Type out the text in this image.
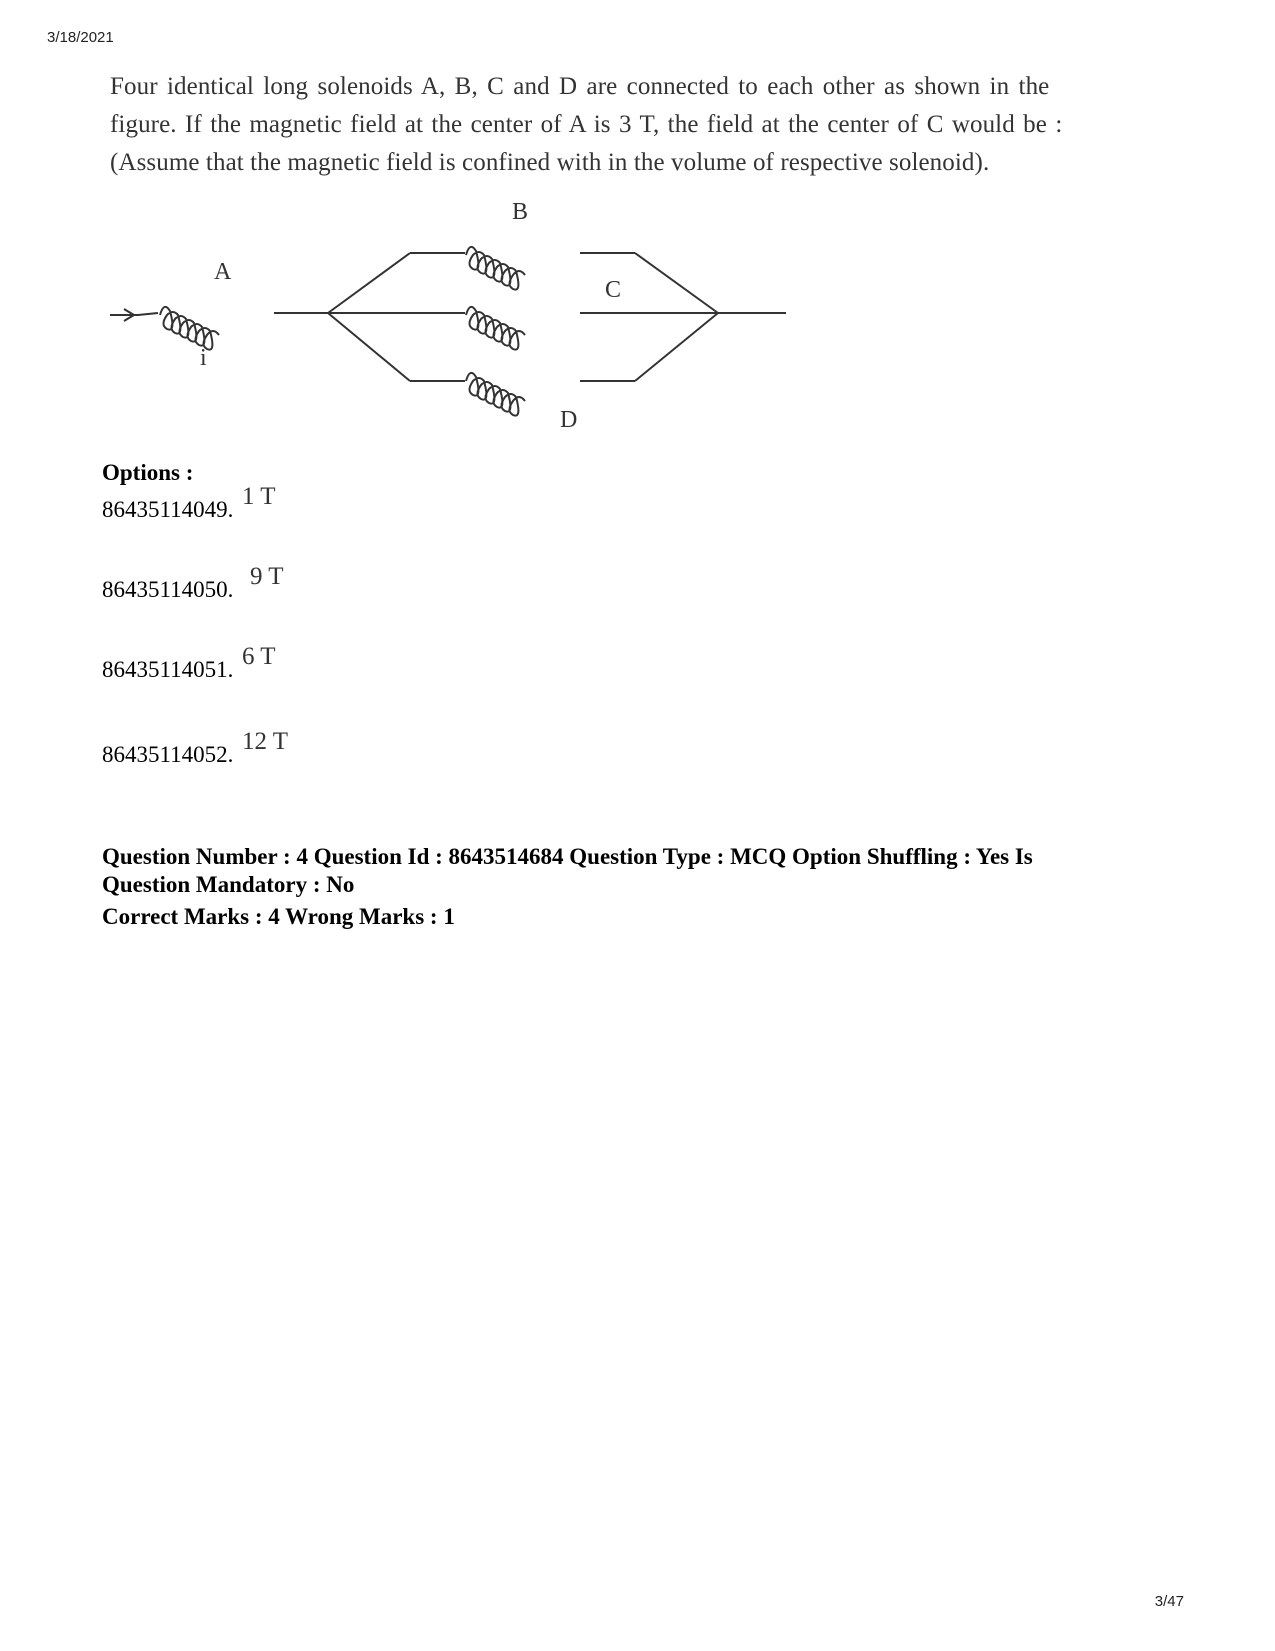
3/18/2021
Four identical long solenoids A, B, C and D are connected to each other as shown in the
figure. If the magnetic field at the center of A is 3 T, the field at the center of C would be :
(Assume that the magnetic field is confined with in the volume of respective solenoid).
A
i
B
C
D
Options :
86435114049. 1 T
86435114050. 9 T
86435114051. 6 T
86435114052. 12 T
Question Number : 4 Question Id : 8643514684 Question Type : MCQ Option Shuffling : Yes Is
Question Mandatory : No
Correct Marks : 4 Wrong Marks : 1
3/47
